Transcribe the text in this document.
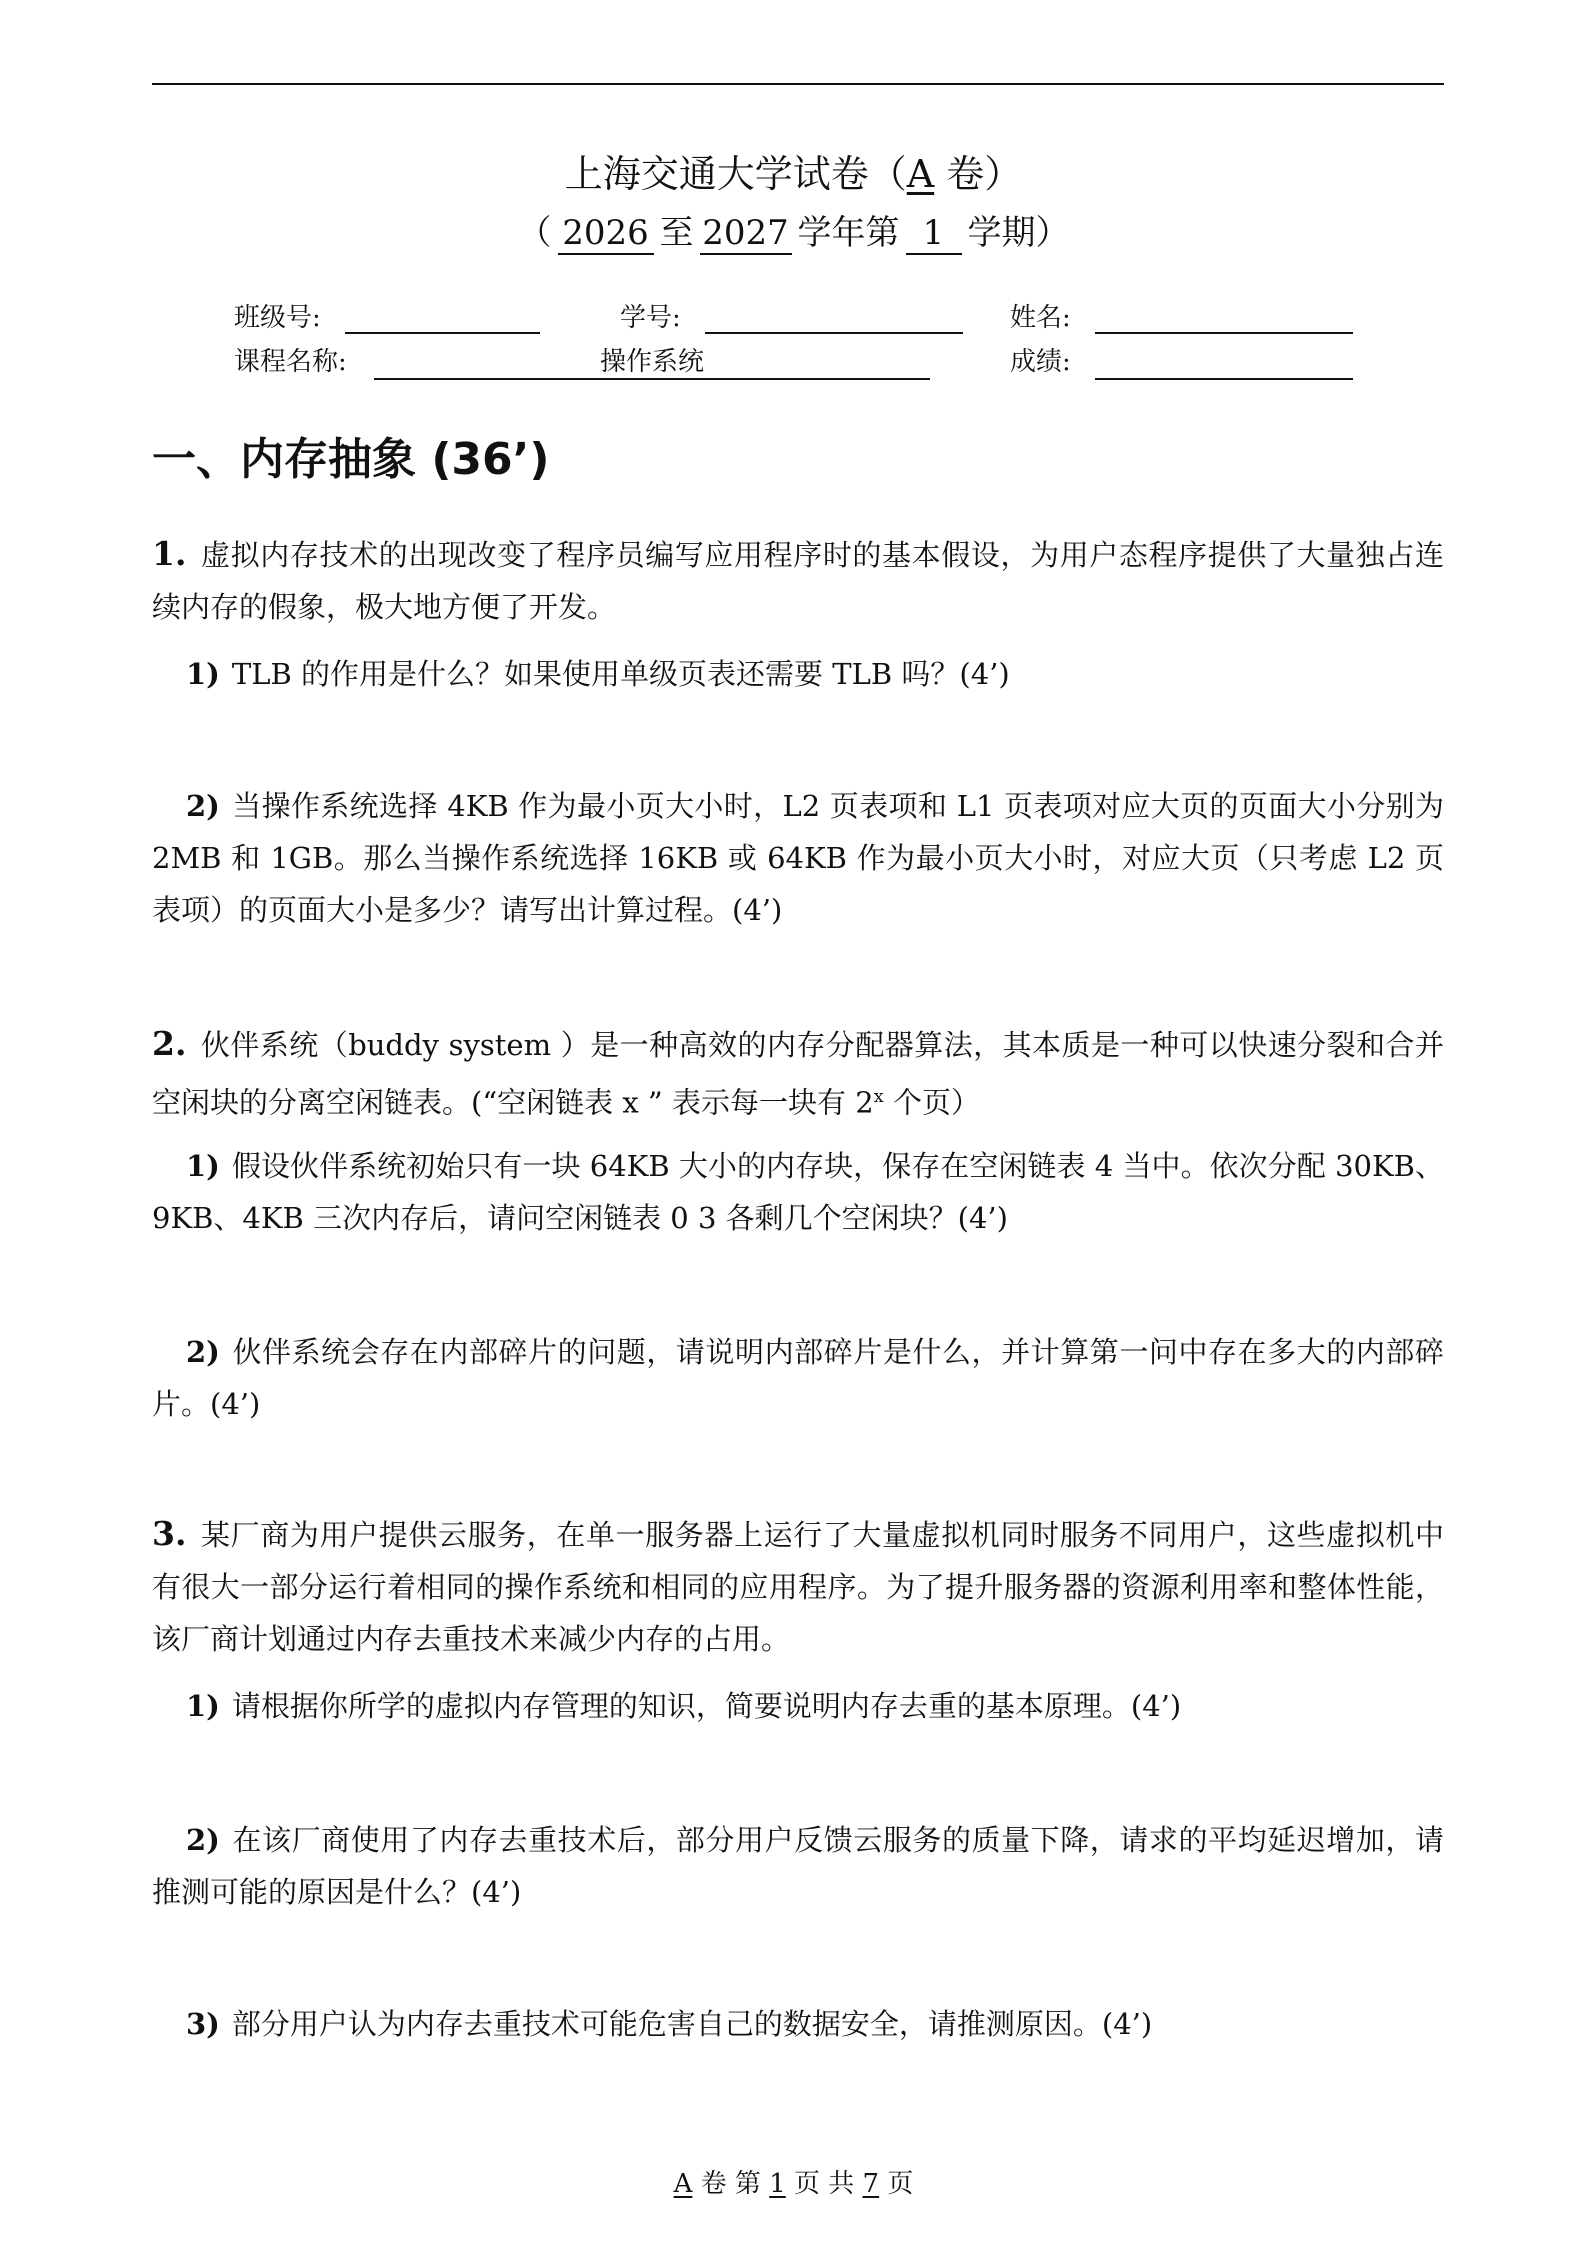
上海交通大学试卷（A 卷）
（ 2026 至 2027 学年第 1 学期）
班级号:	学号:	姓名:
课程名称:	操作系统	成绩:
一、内存抽象 (36’)
1. 虚拟内存技术的出现改变了程序员编写应用程序时的基本假设，为用户态程序提供了大量独占连续内存的假象，极大地方便了开发。
1) TLB 的作用是什么？如果使用单级页表还需要 TLB 吗？(4’)
2) 当操作系统选择 4KB 作为最小页大小时，L2 页表项和 L1 页表项对应大页的页面大小分别为 2MB 和 1GB。那么当操作系统选择 16KB 或 64KB 作为最小页大小时，对应大页（只考虑 L2 页表项）的页面大小是多少？请写出计算过程。(4’)
2. 伙伴系统（buddy system ）是一种高效的内存分配器算法，其本质是一种可以快速分裂和合并空闲块的分离空闲链表。(“空闲链表 x ” 表示每一块有 2$^x$ 个页）
1) 假设伙伴系统初始只有一块 64KB 大小的内存块，保存在空闲链表 4 当中。依次分配 30KB、9KB、4KB 三次内存后，请问空闲链表 0 3 各剩几个空闲块？(4’)
2) 伙伴系统会存在内部碎片的问题，请说明内部碎片是什么，并计算第一问中存在多大的内部碎片。(4’)
3. 某厂商为用户提供云服务，在单一服务器上运行了大量虚拟机同时服务不同用户，这些虚拟机中有很大一部分运行着相同的操作系统和相同的应用程序。为了提升服务器的资源利用率和整体性能，该厂商计划通过内存去重技术来减少内存的占用。
1) 请根据你所学的虚拟内存管理的知识，简要说明内存去重的基本原理。(4’)
2) 在该厂商使用了内存去重技术后，部分用户反馈云服务的质量下降，请求的平均延迟增加，请推测可能的原因是什么？(4’)
3) 部分用户认为内存去重技术可能危害自己的数据安全，请推测原因。(4’)
A 卷 第 1 页 共 7 页
